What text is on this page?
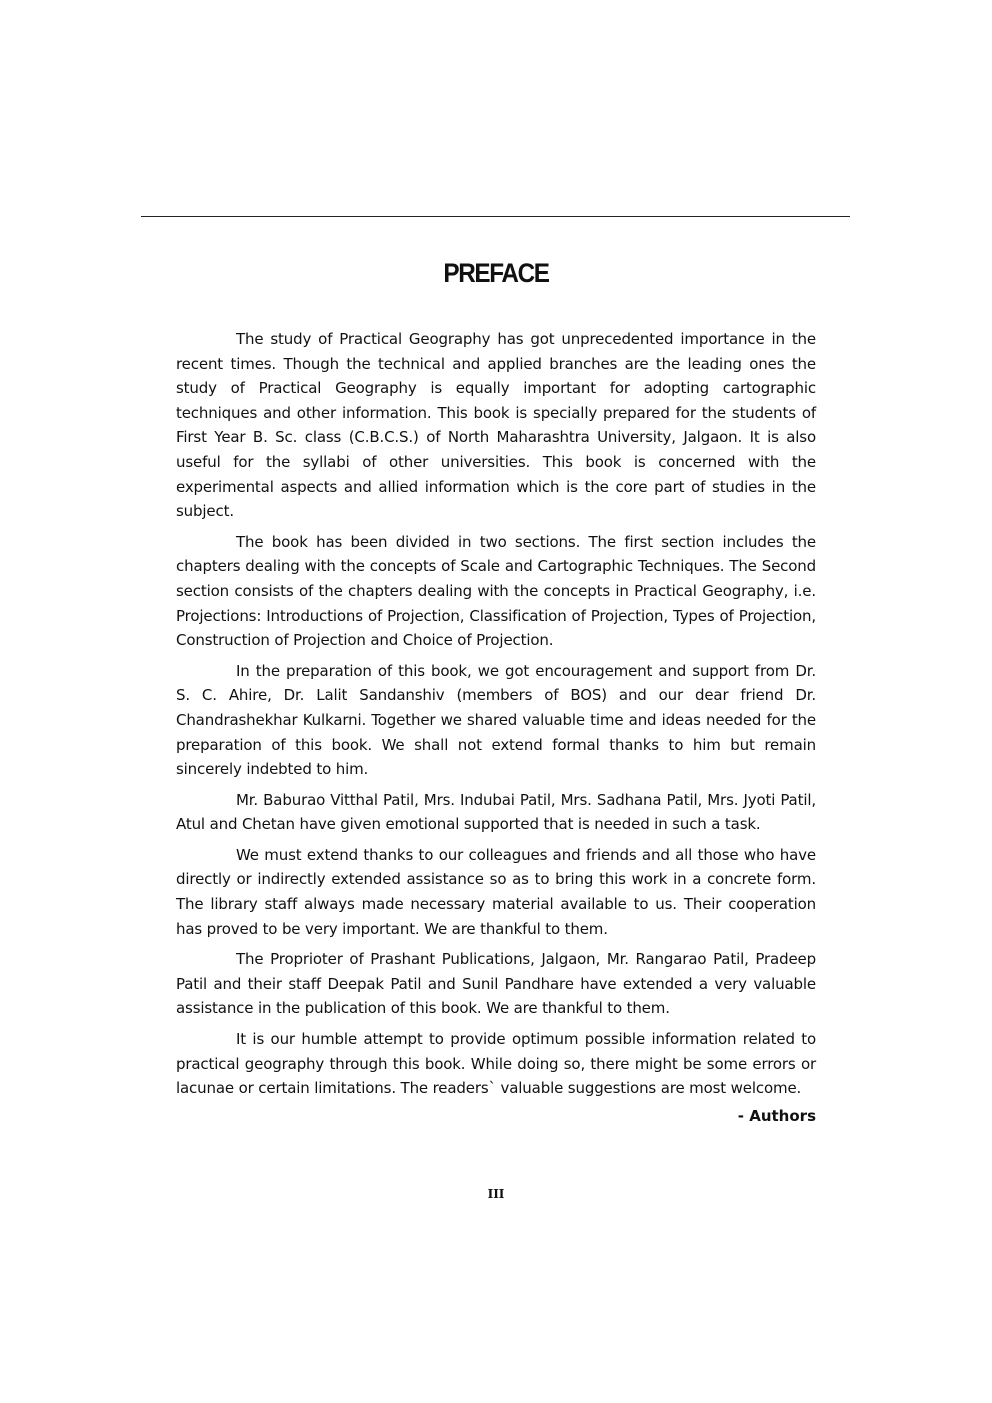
PREFACE

The study of Practical Geography has got unprecedented importance in the recent times. Though the technical and applied branches are the leading ones the study of Practical Geography is equally important for adopting cartographic techniques and other information. This book is specially prepared for the students of First Year B. Sc. class (C.B.C.S.) of North Maharashtra University, Jalgaon. It is also useful for the syllabi of other universities. This book is concerned with the experimental aspects and allied information which is the core part of studies in the subject.

The book has been divided in two sections. The first section includes the chapters dealing with the concepts of Scale and Cartographic Techniques. The Second section consists of the chapters dealing with the concepts in Practical Geography, i.e. Projections: Introductions of Projection, Classification of Projection, Types of Projection, Construction of Projection and Choice of Projection.

In the preparation of this book, we got encouragement and support from Dr. S. C. Ahire, Dr. Lalit Sandanshiv (members of BOS) and our dear friend Dr. Chandrashekhar Kulkarni. Together we shared valuable time and ideas needed for the preparation of this book. We shall not extend formal thanks to him but remain sincerely indebted to him.

Mr. Baburao Vitthal Patil, Mrs. Indubai Patil, Mrs. Sadhana Patil, Mrs. Jyoti Patil, Atul and Chetan have given emotional supported that is needed in such a task.

We must extend thanks to our colleagues and friends and all those who have directly or indirectly extended assistance so as to bring this work in a concrete form. The library staff always made necessary material available to us. Their cooperation has proved to be very important. We are thankful to them.

The Proprioter of Prashant Publications, Jalgaon, Mr. Rangarao Patil, Pradeep Patil and their staff Deepak Patil and Sunil Pandhare have extended a very valuable assistance in the publication of this book. We are thankful to them.

It is our humble attempt to provide optimum possible information related to practical geography through this book. While doing so, there might be some errors or lacunae or certain limitations. The readers` valuable suggestions are most welcome.

- Authors
III
